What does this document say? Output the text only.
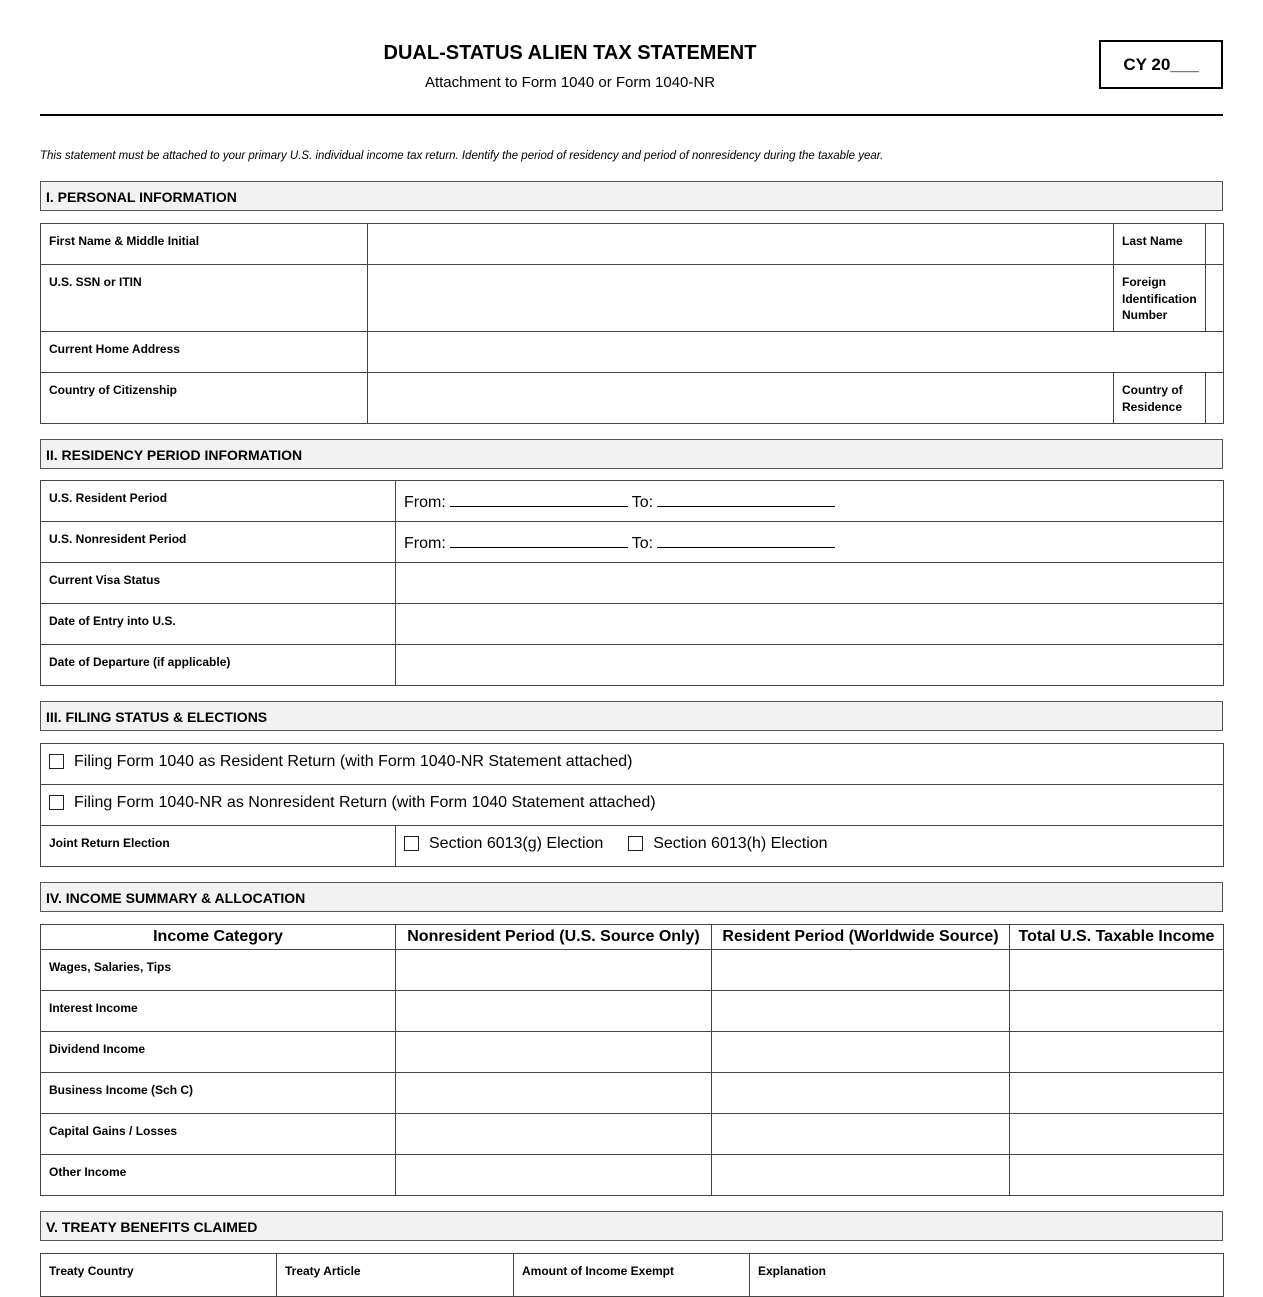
DUAL-STATUS ALIEN TAX STATEMENT
Attachment to Form 1040 or Form 1040-NR
CY 20___
This statement must be attached to your primary U.S. individual income tax return. Identify the period of residency and period of nonresidency during the taxable year.
I. PERSONAL INFORMATION
First Name & Middle Initial		Last Name	
U.S. SSN or ITIN		Foreign Identification Number	
Current Home Address			
Country of Citizenship		Country of Residence	
II. RESIDENCY PERIOD INFORMATION
U.S. Resident Period	From: To:
U.S. Nonresident Period	From: To:
Current Visa Status	
Date of Entry into U.S.	
Date of Departure (if applicable)	
III. FILING STATUS & ELECTIONS
Filing Form 1040 as Resident Return (with Form 1040-NR Statement attached)
Filing Form 1040-NR as Nonresident Return (with Form 1040 Statement attached)
Joint Return Election	Section 6013(g) Election	Section 6013(h) Election
IV. INCOME SUMMARY & ALLOCATION
Income Category	Nonresident Period (U.S. Source Only)	Resident Period (Worldwide Source)	Total U.S. Taxable Income
Wages, Salaries, Tips			
Interest Income			
Dividend Income			
Business Income (Sch C)			
Capital Gains / Losses			
Other Income			
V. TREATY BENEFITS CLAIMED
Treaty Country	Treaty Article	Amount of Income Exempt	Explanation
